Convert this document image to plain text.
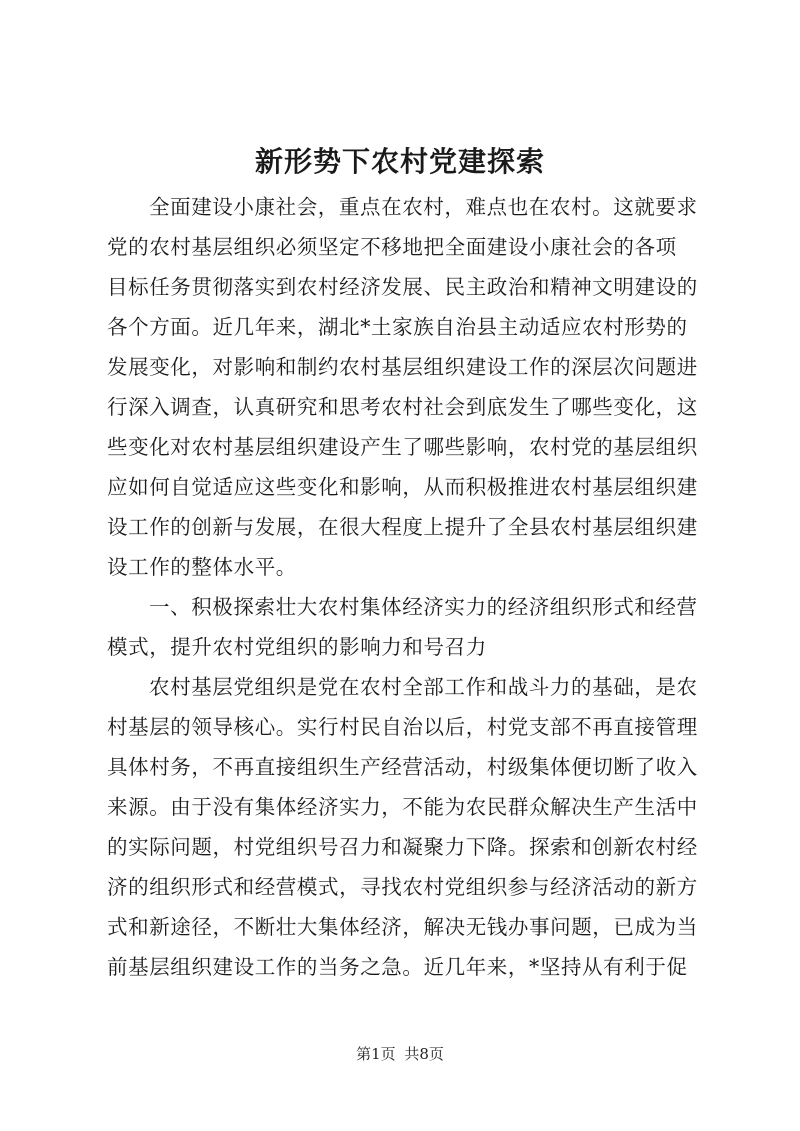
新形势下农村党建探索
全面建设小康社会，重点在农村，难点也在农村。这就要求
党的农村基层组织必须坚定不移地把全面建设小康社会的各项
目标任务贯彻落实到农村经济发展、民主政治和精神文明建设的
各个方面。近几年来，湖北*土家族自治县主动适应农村形势的
发展变化，对影响和制约农村基层组织建设工作的深层次问题进
行深入调查，认真研究和思考农村社会到底发生了哪些变化，这
些变化对农村基层组织建设产生了哪些影响，农村党的基层组织
应如何自觉适应这些变化和影响，从而积极推进农村基层组织建
设工作的创新与发展，在很大程度上提升了全县农村基层组织建
设工作的整体水平。
一、积极探索壮大农村集体经济实力的经济组织形式和经营
模式，提升农村党组织的影响力和号召力
农村基层党组织是党在农村全部工作和战斗力的基础，是农
村基层的领导核心。实行村民自治以后，村党支部不再直接管理
具体村务，不再直接组织生产经营活动，村级集体便切断了收入
来源。由于没有集体经济实力，不能为农民群众解决生产生活中
的实际问题，村党组织号召力和凝聚力下降。探索和创新农村经
济的组织形式和经营模式，寻找农村党组织参与经济活动的新方
式和新途径，不断壮大集体经济，解决无钱办事问题，已成为当
前基层组织建设工作的当务之急。近几年来，*坚持从有利于促
第1页 共8页
